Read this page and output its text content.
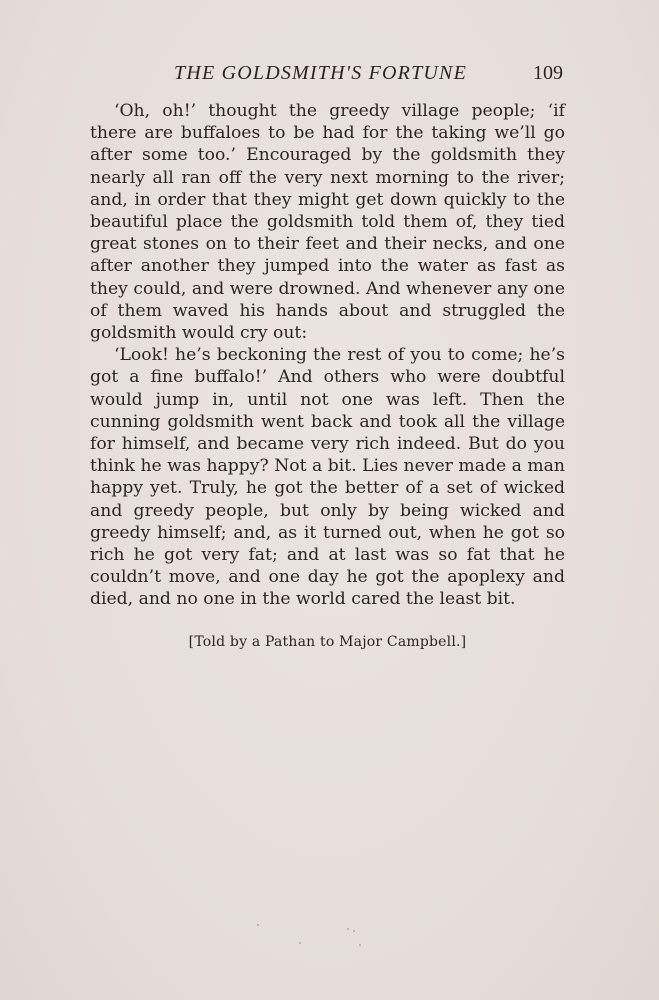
THE GOLDSMITH'S FORTUNE	109

‘Oh, oh!’ thought the greedy village people; ‘if there are buffaloes to be had for the taking we’ll go after some too.’ Encouraged by the goldsmith they nearly all ran off the very next morning to the river; and, in order that they might get down quickly to the beautiful place the goldsmith told them of, they tied great stones on to their feet and their necks, and one after another they jumped into the water as fast as they could, and were drowned. And whenever any one of them waved his hands about and struggled the goldsmith would cry out:

‘Look! he’s beckoning the rest of you to come; he’s got a fine buffalo!’ And others who were doubtful would jump in, until not one was left. Then the cunning goldsmith went back and took all the village for himself, and became very rich indeed. But do you think he was happy? Not a bit. Lies never made a man happy yet. Truly, he got the better of a set of wicked and greedy people, but only by being wicked and greedy himself; and, as it turned out, when he got so rich he got very fat; and at last was so fat that he couldn’t move, and one day he got the apoplexy and died, and no one in the world cared the least bit.

[Told by a Pathan to Major Campbell.]
